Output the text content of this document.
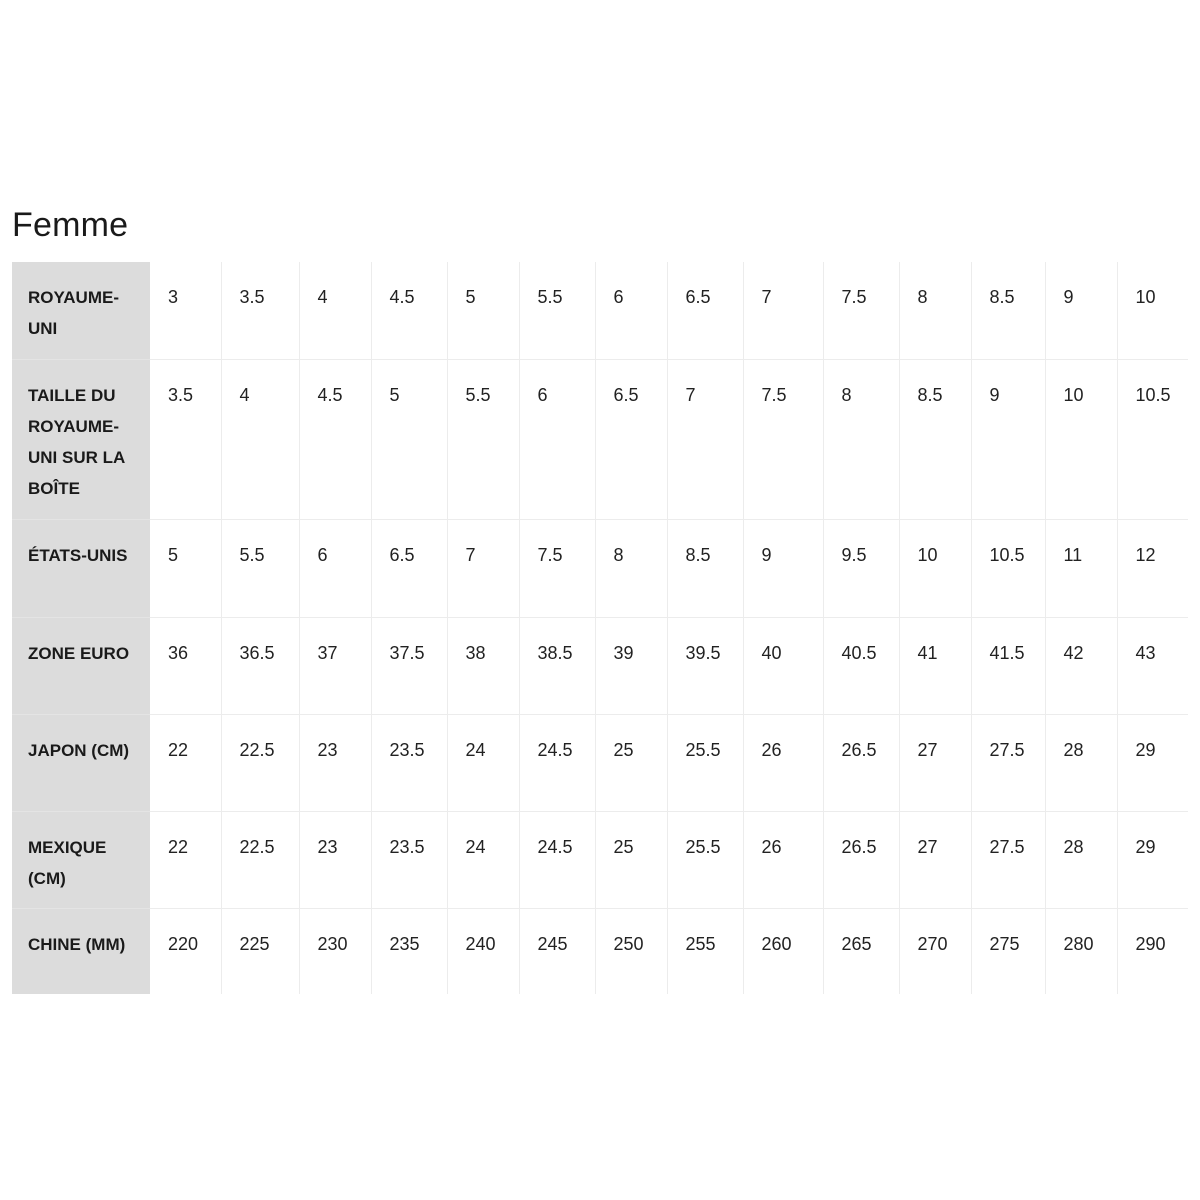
Femme
ROYAUME-UNI	3	3.5	4	4.5	5	5.5	6	6.5	7	7.5	8	8.5	9	10
TAILLE DU ROYAUME-UNI SUR LA BOÎTE	3.5	4	4.5	5	5.5	6	6.5	7	7.5	8	8.5	9	10	10.5
ÉTATS-UNIS	5	5.5	6	6.5	7	7.5	8	8.5	9	9.5	10	10.5	11	12
ZONE EURO	36	36.5	37	37.5	38	38.5	39	39.5	40	40.5	41	41.5	42	43
JAPON (CM)	22	22.5	23	23.5	24	24.5	25	25.5	26	26.5	27	27.5	28	29
MEXIQUE (CM)	22	22.5	23	23.5	24	24.5	25	25.5	26	26.5	27	27.5	28	29
CHINE (MM)	220	225	230	235	240	245	250	255	260	265	270	275	280	290
